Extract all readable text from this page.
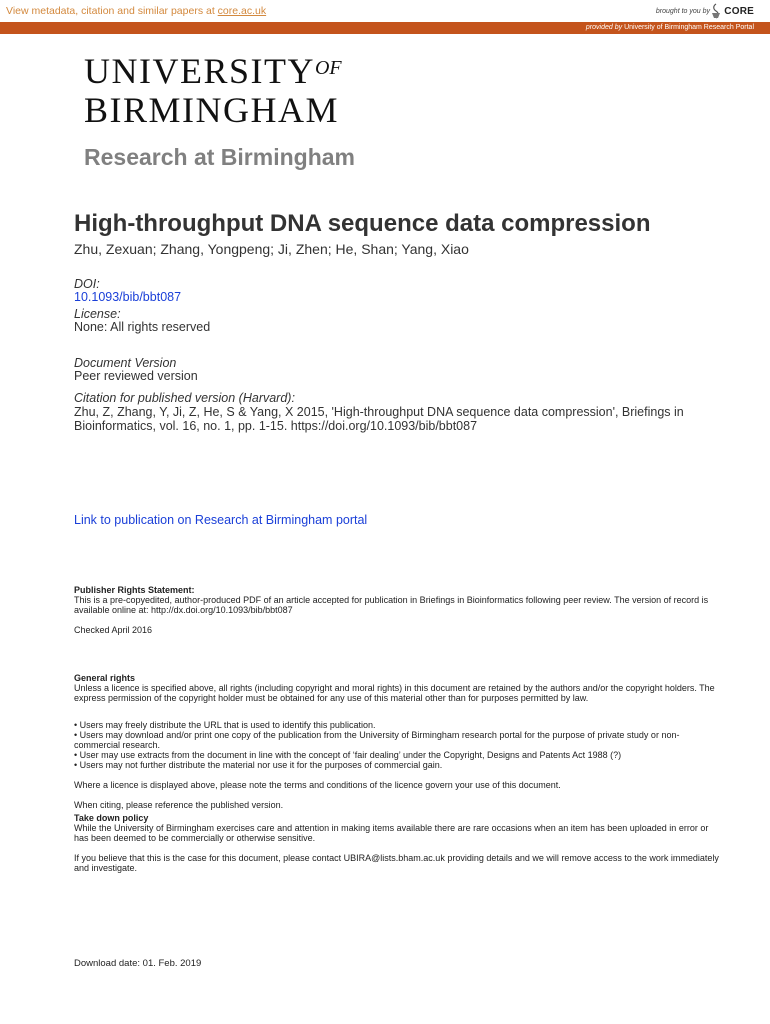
View metadata, citation and similar papers at core.ac.uk	brought to you by CORE
provided by University of Birmingham Research Portal
$UNIVERSITY^{OF}$
BIRMINGHAM
Research at Birmingham
High-throughput DNA sequence data compression
Zhu, Zexuan; Zhang, Yongpeng; Ji, Zhen; He, Shan; Yang, Xiao
DOI:
10.1093/bib/bbt087
License:
None: All rights reserved
Document Version
Peer reviewed version
Citation for published version (Harvard):
Zhu, Z, Zhang, Y, Ji, Z, He, S & Yang, X 2015, 'High-throughput DNA sequence data compression', Briefings in Bioinformatics, vol. 16, no. 1, pp. 1-15. https://doi.org/10.1093/bib/bbt087
Link to publication on Research at Birmingham portal
Publisher Rights Statement:
This is a pre-copyedited, author-produced PDF of an article accepted for publication in Briefings in Bioinformatics following peer review. The version of record is available online at: http://dx.doi.org/10.1093/bib/bbt087
Checked April 2016
General rights
Unless a licence is specified above, all rights (including copyright and moral rights) in this document are retained by the authors and/or the copyright holders. The express permission of the copyright holder must be obtained for any use of this material other than for purposes permitted by law.
• Users may freely distribute the URL that is used to identify this publication.
• Users may download and/or print one copy of the publication from the University of Birmingham research portal for the purpose of private study or non-commercial research.
• User may use extracts from the document in line with the concept of ‘fair dealing’ under the Copyright, Designs and Patents Act 1988 (?)
• Users may not further distribute the material nor use it for the purposes of commercial gain.
Where a licence is displayed above, please note the terms and conditions of the licence govern your use of this document.
When citing, please reference the published version.
Take down policy
While the University of Birmingham exercises care and attention in making items available there are rare occasions when an item has been uploaded in error or has been deemed to be commercially or otherwise sensitive.
If you believe that this is the case for this document, please contact UBIRA@lists.bham.ac.uk providing details and we will remove access to the work immediately and investigate.
Download date: 01. Feb. 2019
